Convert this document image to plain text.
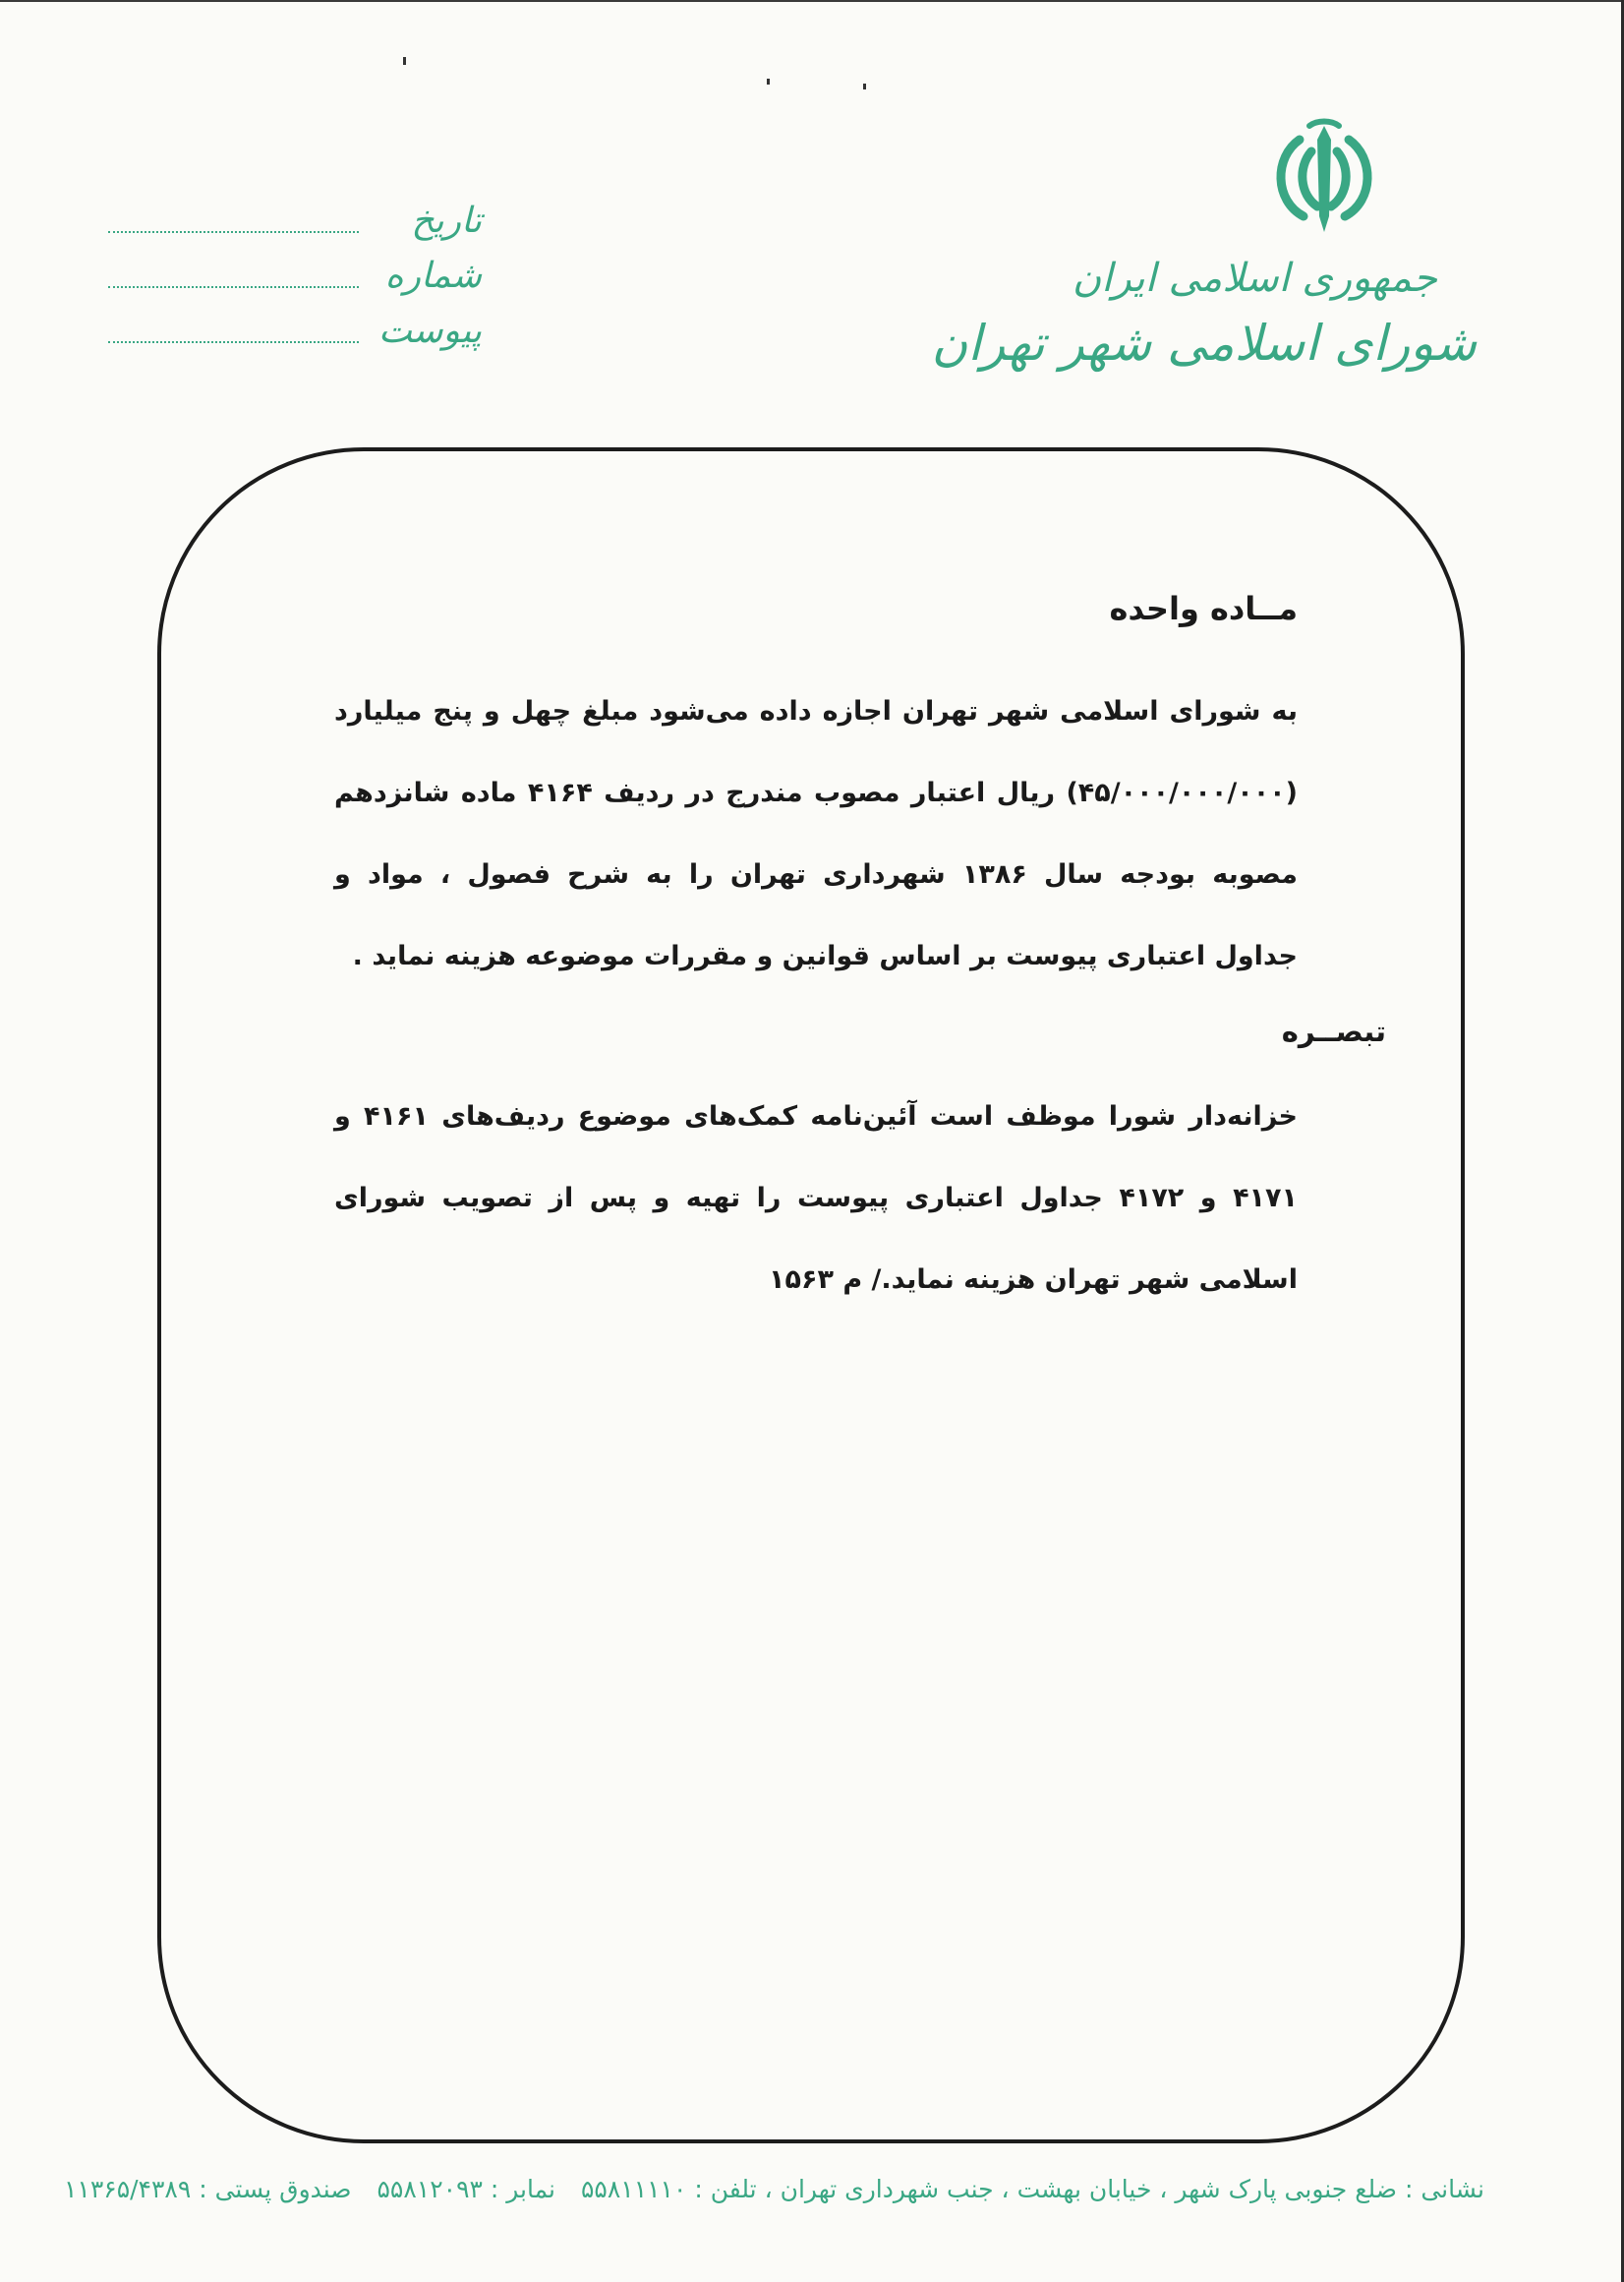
جمهوری اسلامی ایران
شورای اسلامی شهر تهران
تاریخ
شماره
پیوست
مــاده واحده

به شورای اسلامی شهر تهران اجازه داده می‌شود مبلغ چهل و پنج میلیارد (۴۵/۰۰۰/۰۰۰/۰۰۰) ریال اعتبار مصوب مندرج در ردیف ۴۱۶۴ ماده شانزدهم مصوبه بودجه سال ۱۳۸۶ شهرداری تهران را به شرح فصول ، مواد و جداول اعتباری پیوست بر اساس قوانین و مقررات موضوعه هزینه نماید .

تبصــره

خزانه‌دار شورا موظف است آئین‌نامه کمک‌های موضوع ردیف‌های ۴۱۶۱ و ۴۱۷۱ و ۴۱۷۲ جداول اعتباری پیوست را تهیه و پس از تصویب شورای اسلامی شهر تهران هزینه نماید./ م ۱۵۶۳

نشانی : ضلع جنوبی پارک شهر ، خیابان بهشت ، جنب شهرداری تهران ، تلفن : ۵۵۸۱۱۱۱۰ نمابر : ۵۵۸۱۲۰۹۳ صندوق پستی : ۱۱۳۶۵/۴۳۸۹
